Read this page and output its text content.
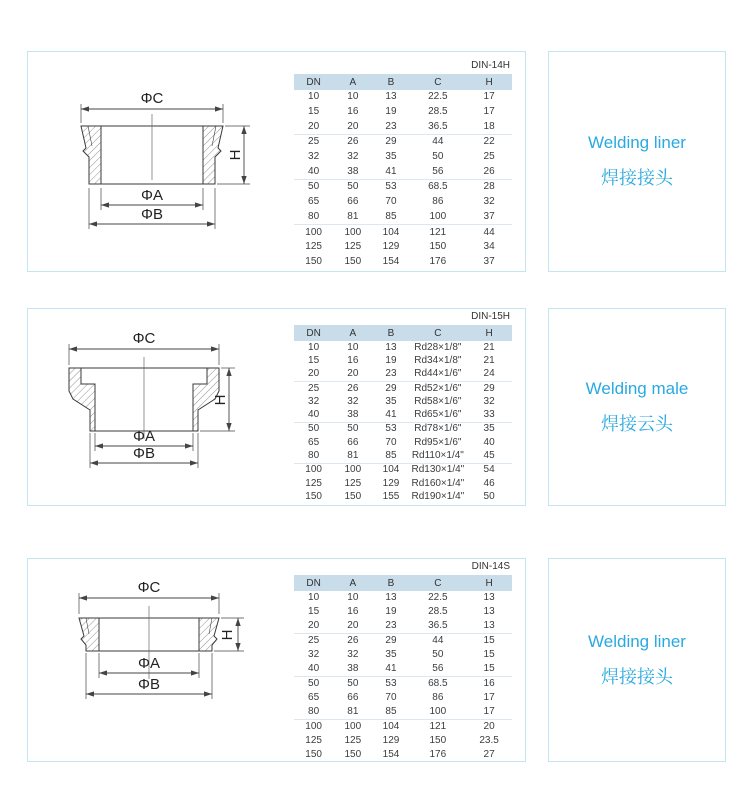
ΦC
H
ΦA
ΦB
DIN-14H
DN	A	B	C	H
10	10	13	22.5	17
15	16	19	28.5	17
20	20	23	36.5	18
25	26	29	44	22
32	32	35	50	25
40	38	41	56	26
50	50	53	68.5	28
65	66	70	86	32
80	81	85	100	37
100	100	104	121	44
125	125	129	150	34
150	150	154	176	37
Welding liner
焊接接头
ΦC
H
ΦA
ΦB
DIN-15H
DN	A	B	C	H
10	10	13	Rd28×1/8"	21
15	16	19	Rd34×1/8"	21
20	20	23	Rd44×1/6"	24
25	26	29	Rd52×1/6"	29
32	32	35	Rd58×1/6"	32
40	38	41	Rd65×1/6"	33
50	50	53	Rd78×1/6"	35
65	66	70	Rd95×1/6"	40
80	81	85	Rd110×1/4"	45
100	100	104	Rd130×1/4"	54
125	125	129	Rd160×1/4"	46
150	150	155	Rd190×1/4"	50
Welding male
焊接云头
ΦC
H
ΦA
ΦB
DIN-14S
DN	A	B	C	H
10	10	13	22.5	13
15	16	19	28.5	13
20	20	23	36.5	13
25	26	29	44	15
32	32	35	50	15
40	38	41	56	15
50	50	53	68.5	16
65	66	70	86	17
80	81	85	100	17
100	100	104	121	20
125	125	129	150	23.5
150	150	154	176	27
Welding liner
焊接接头
